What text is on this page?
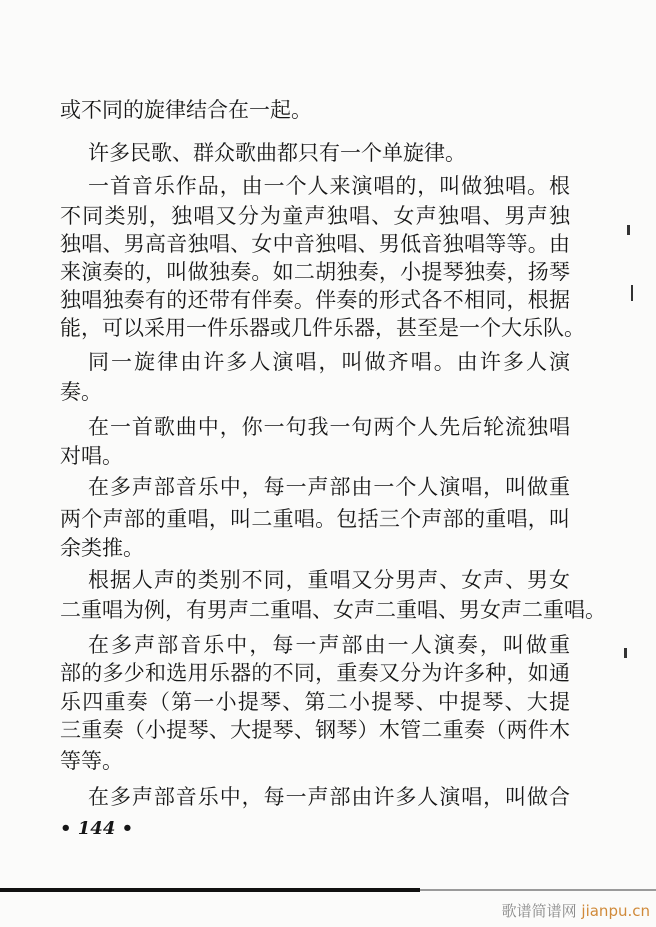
或不同的旋律结合在一起。
许多民歌、群众歌曲都只有一个单旋律。
一首音乐作品，由一个人来演唱的，叫做独唱。根
不同类别，独唱又分为童声独唱、女声独唱、男声独
独唱、男高音独唱、女中音独唱、男低音独唱等等。由
来演奏的，叫做独奏。如二胡独奏，小提琴独奏，扬琴
独唱独奏有的还带有伴奏。伴奏的形式各不相同，根据
能，可以采用一件乐器或几件乐器，甚至是一个大乐队。
同一旋律由许多人演唱，叫做齐唱。由许多人演
奏。
在一首歌曲中，你一句我一句两个人先后轮流独唱
对唱。
在多声部音乐中，每一声部由一个人演唱，叫做重
两个声部的重唱，叫二重唱。包括三个声部的重唱，叫
余类推。
根据人声的类别不同，重唱又分男声、女声、男女
二重唱为例，有男声二重唱、女声二重唱、男女声二重唱。
在多声部音乐中，每一声部由一人演奏，叫做重
部的多少和选用乐器的不同，重奏又分为许多种，如通
乐四重奏（第一小提琴、第二小提琴、中提琴、大提
三重奏（小提琴、大提琴、钢琴）木管二重奏（两件木
等等。
在多声部音乐中，每一声部由许多人演唱，叫做合
• 144 •
歌谱简谱网 jianpu.cn
